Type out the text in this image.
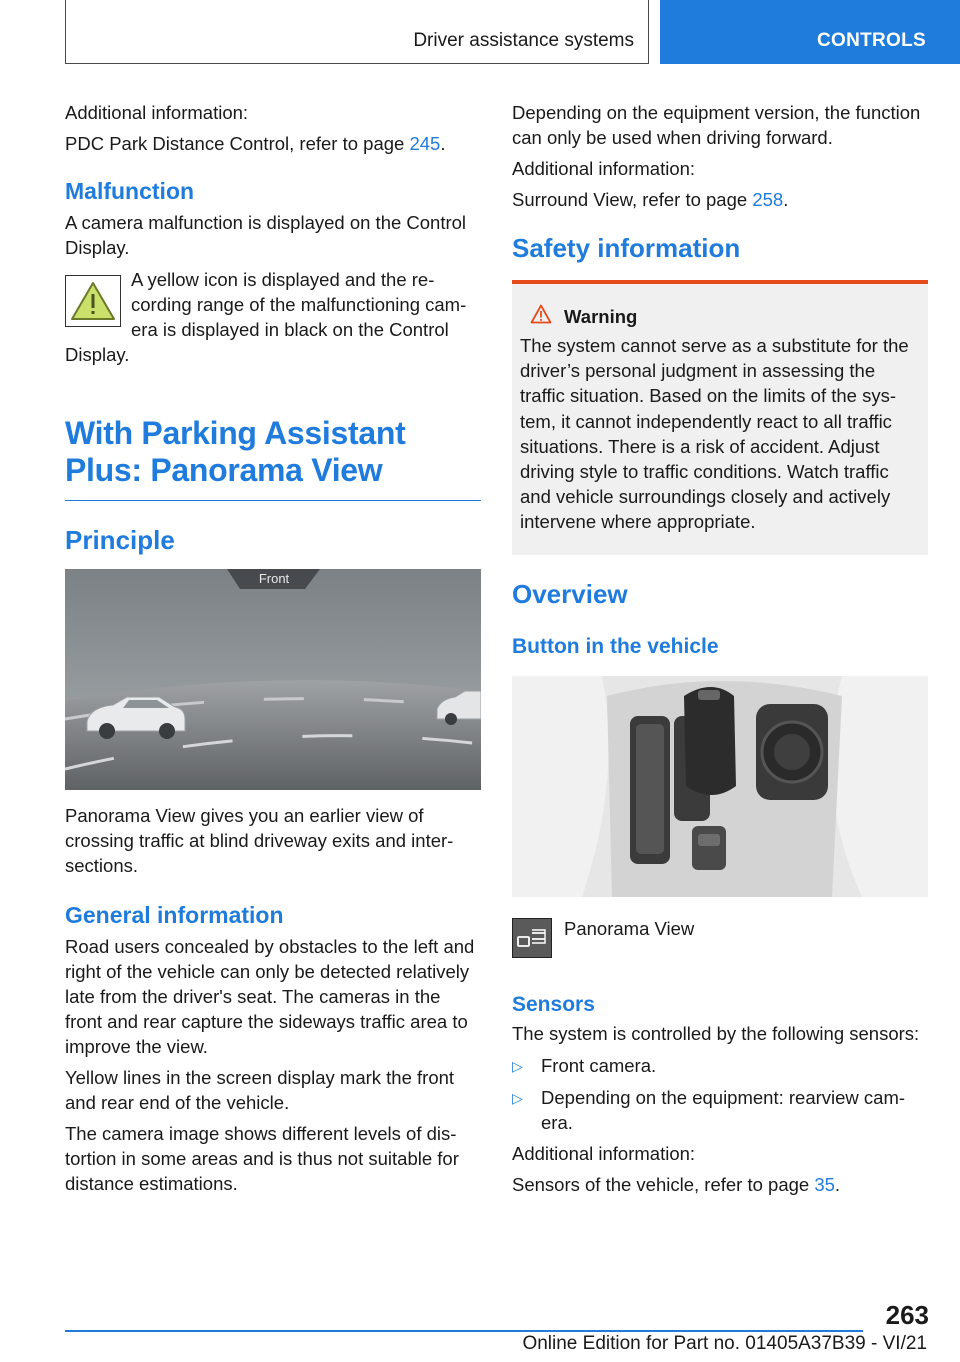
Driver assistance systems	CONTROLS

Additional information:

PDC Park Distance Control, refer to page 245.

Malfunction

A camera malfunction is displayed on the Control Display.

A yellow icon is displayed and the recording range of the malfunctioning camera is displayed in black on the Control Display.

With Parking Assistant Plus: Panorama View
Principle
Front

Panorama View gives you an earlier view of crossing traffic at blind driveway exits and intersections.

General information

Road users concealed by obstacles to the left and right of the vehicle can only be detected relatively late from the driver's seat. The cameras in the front and rear capture the sideways traffic area to improve the view.

Yellow lines in the screen display mark the front and rear end of the vehicle.

The camera image shows different levels of distortion in some areas and is thus not suitable for distance estimations.

Depending on the equipment version, the function can only be used when driving forward.

Additional information:

Surround View, refer to page 258.

Safety information
Warning

The system cannot serve as a substitute for the driver’s personal judgment in assessing the traffic situation. Based on the limits of the system, it cannot independently react to all traffic situations. There is a risk of accident. Adjust driving style to traffic conditions. Watch traffic and vehicle surroundings closely and actively intervene where appropriate.

Overview
Button in the vehicle

Panorama View

Sensors

The system is controlled by the following sensors:

▷ Front camera.
▷ Depending on the equipment: rearview camera.

Additional information:

Sensors of the vehicle, refer to page 35.

263
Online Edition for Part no. 01405A37B39 - VI/21
